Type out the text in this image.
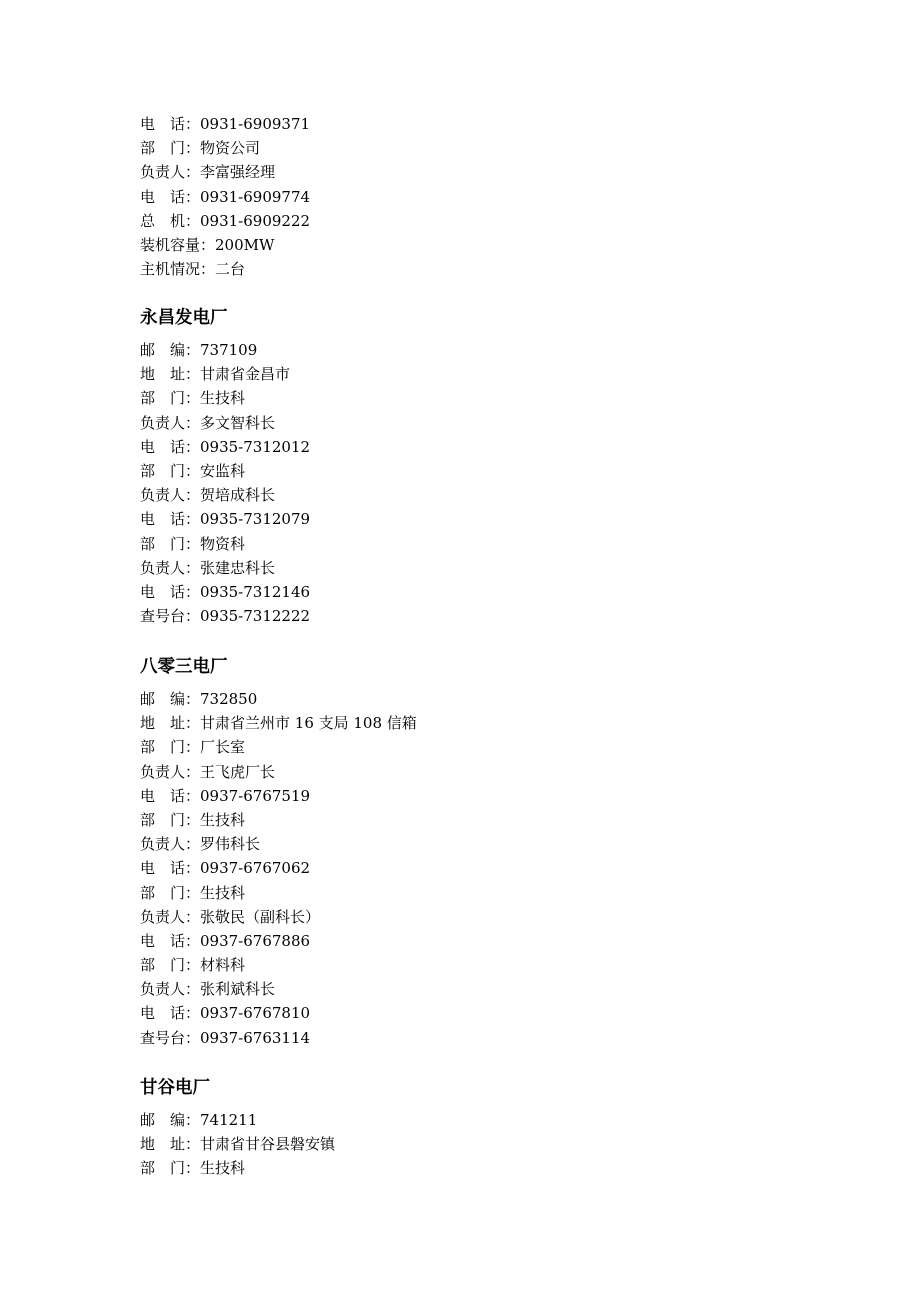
电　话：0931-6909371
部　门：物资公司
负责人：李富强经理
电　话：0931-6909774
总　机：0931-6909222
装机容量：200MW
主机情况：二台
永昌发电厂
邮　编：737109
地　址：甘肃省金昌市
部　门：生技科
负责人：多文智科长
电　话：0935-7312012
部　门：安监科
负责人：贺培成科长
电　话：0935-7312079
部　门：物资科
负责人：张建忠科长
电　话：0935-7312146
查号台：0935-7312222
八零三电厂
邮　编：732850
地　址：甘肃省兰州市 16 支局 108 信箱
部　门：厂长室
负责人：王飞虎厂长
电　话：0937-6767519
部　门：生技科
负责人：罗伟科长
电　话：0937-6767062
部　门：生技科
负责人：张敬民（副科长）
电　话：0937-6767886
部　门：材料科
负责人：张利斌科长
电　话：0937-6767810
查号台：0937-6763114
甘谷电厂
邮　编：741211
地　址：甘肃省甘谷县磐安镇
部　门：生技科
